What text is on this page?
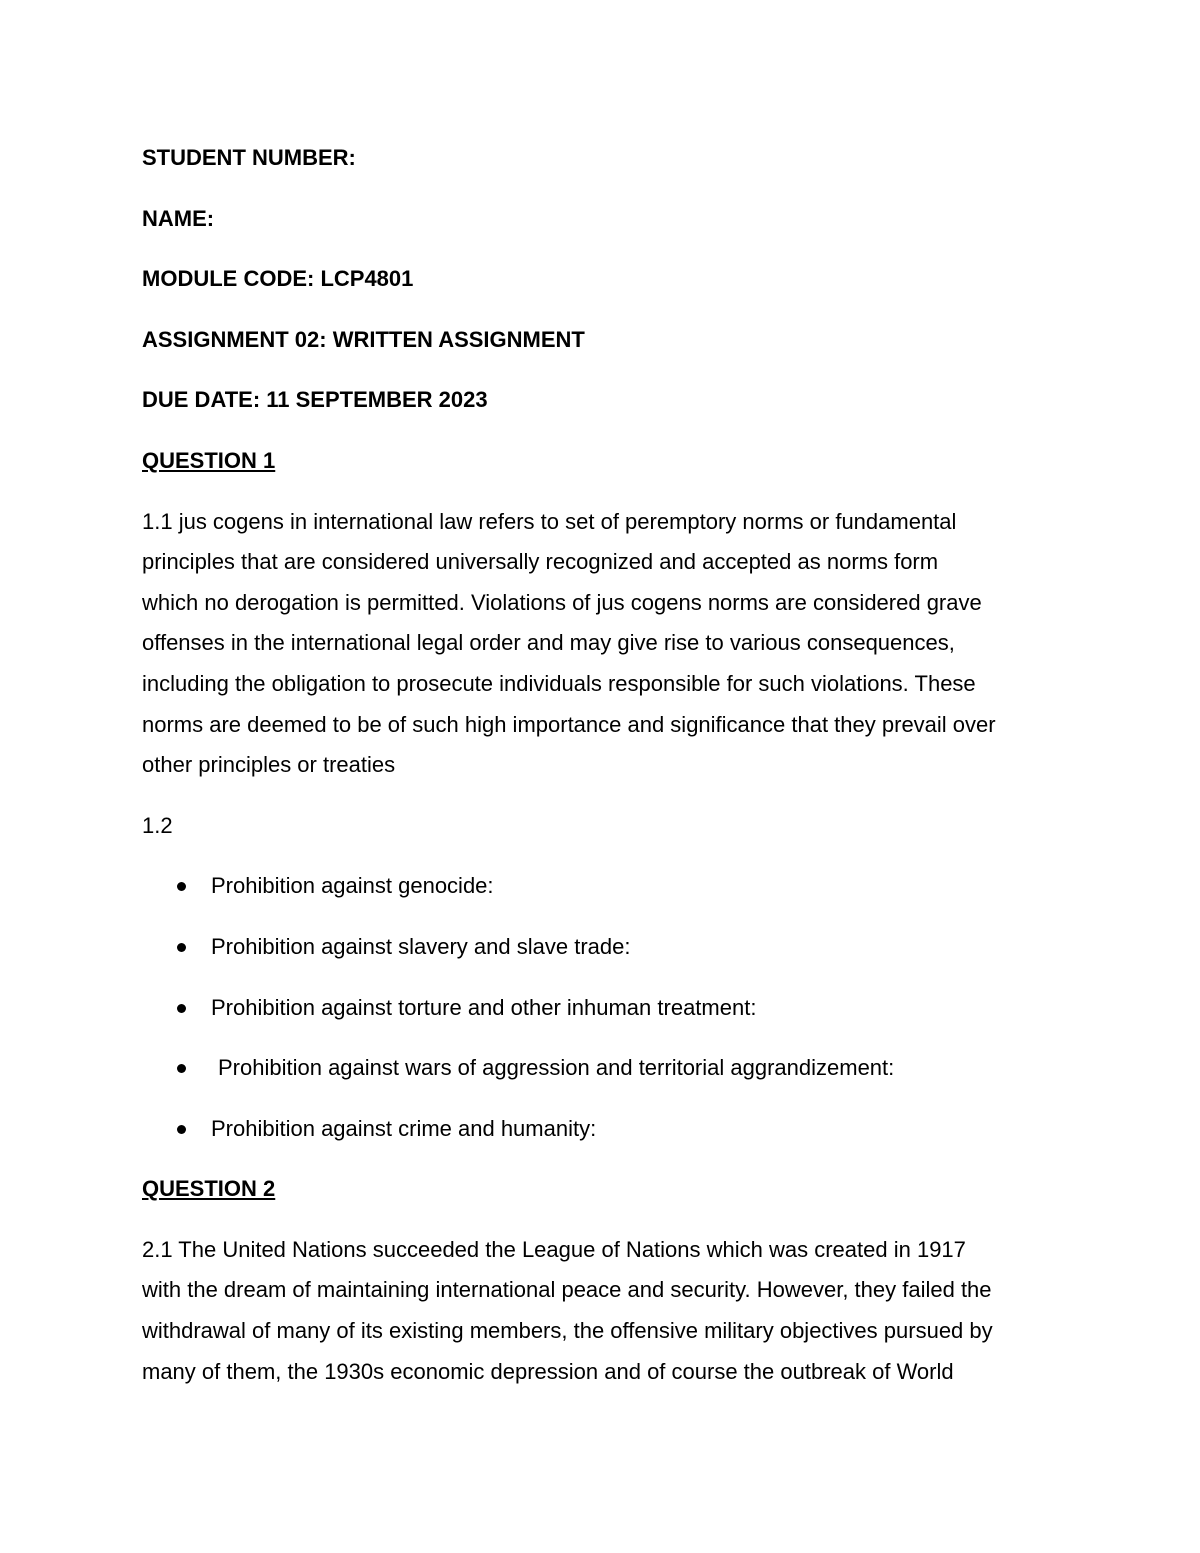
STUDENT NUMBER:
NAME:
MODULE CODE: LCP4801
ASSIGNMENT 02: WRITTEN ASSIGNMENT
DUE DATE: 11 SEPTEMBER 2023
QUESTION 1
1.1 jus cogens in international law refers to set of peremptory norms or fundamental
principles that are considered universally recognized and accepted as norms form
which no derogation is permitted. Violations of jus cogens norms are considered grave
offenses in the international legal order and may give rise to various consequences,
including the obligation to prosecute individuals responsible for such violations. These
norms are deemed to be of such high importance and significance that they prevail over
other principles or treaties
1.2
Prohibition against genocide:
Prohibition against slavery and slave trade:
Prohibition against torture and other inhuman treatment:
Prohibition against wars of aggression and territorial aggrandizement:
Prohibition against crime and humanity:
QUESTION 2
2.1 The United Nations succeeded the League of Nations which was created in 1917
with the dream of maintaining international peace and security. However, they failed the
withdrawal of many of its existing members, the offensive military objectives pursued by
many of them, the 1930s economic depression and of course the outbreak of World
